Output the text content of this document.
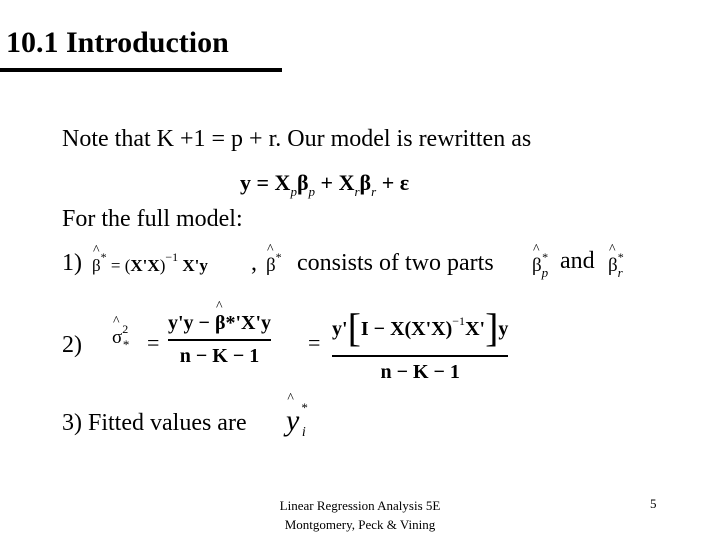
10.1 Introduction
Note that K +1 = p + r. Our model is rewritten as
$y = X_p\beta_p + X_r\beta_r + \varepsilon$
For the full model:
1) ^ $\beta^* = (X'X)^{-1}$ X'y , ^ β* consists of two parts ^ $\beta_p^*$ and ^ $\beta_r^*$
2) ^ $\sigma^2_*$ =
y'y − ^ β*'X'y
n − K − 1
=
$y'[I - X(X'X)^{-1}X']y$
n − K − 1
3) Fitted values are ^ y *$_i$
Linear Regression Analysis 5E Montgomery, Peck & Vining
5
